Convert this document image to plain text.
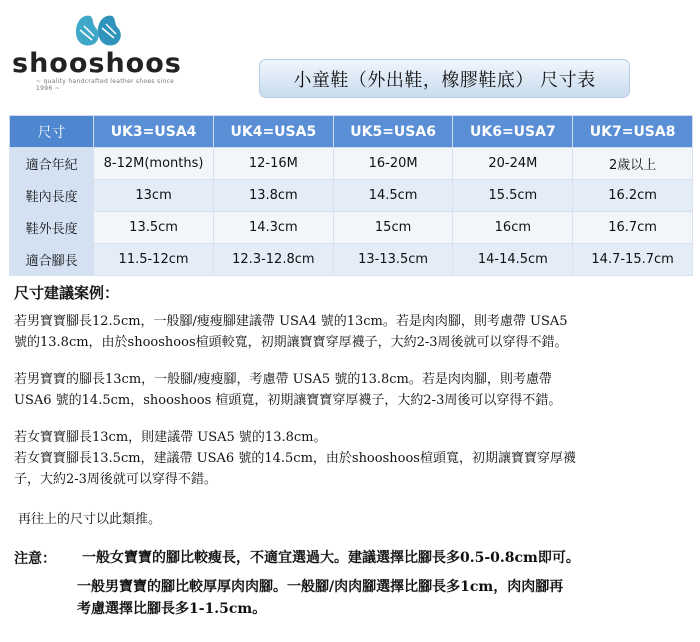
shooshoos
~ quality handcrafted leather shoes since 1996 ~	小童鞋（外出鞋，橡膠鞋底） 尺寸表
尺寸	UK3=USA4	UK4=USA5	UK5=USA6	UK6=USA7	UK7=USA8
適合年紀	8-12M(months)	12-16M	16-20M	20-24M	2歲以上
鞋內長度	13cm	13.8cm	14.5cm	15.5cm	16.2cm
鞋外長度	13.5cm	14.3cm	15cm	16cm	16.7cm
適合腳長	11.5-12cm	12.3-12.8cm	13-13.5cm	14-14.5cm	14.7-15.7cm
尺寸建議案例：
若男寶寶腳長12.5cm，一般腳/瘦瘦腳建議帶 USA4 號的13cm。若是肉肉腳，則考慮帶 USA5
號的13.8cm，由於shooshoos楦頭較寬，初期讓寶寶穿厚襪子，大約2-3周後就可以穿得不錯。
若男寶寶的腳長13cm，一般腳/瘦瘦腳，考慮帶 USA5 號的13.8cm。若是肉肉腳，則考慮帶
USA6 號的14.5cm，shooshoos 楦頭寬，初期讓寶寶穿厚襪子，大約2-3周後可以穿得不錯。
若女寶寶腳長13cm，則建議帶 USA5 號的13.8cm。
若女寶寶腳長13.5cm，建議帶 USA6 號的14.5cm，由於shooshoos楦頭寬，初期讓寶寶穿厚襪
子，大約2-3周後就可以穿得不錯。
再往上的尺寸以此類推。
注意： 一般女寶寶的腳比較瘦長，不適宜選過大。建議選擇比腳長多0.5-0.8cm即可。
一般男寶寶的腳比較厚厚肉肉腳。一般腳/肉肉腳選擇比腳長多1cm，肉肉腳再
考慮選擇比腳長多1-1.5cm。
